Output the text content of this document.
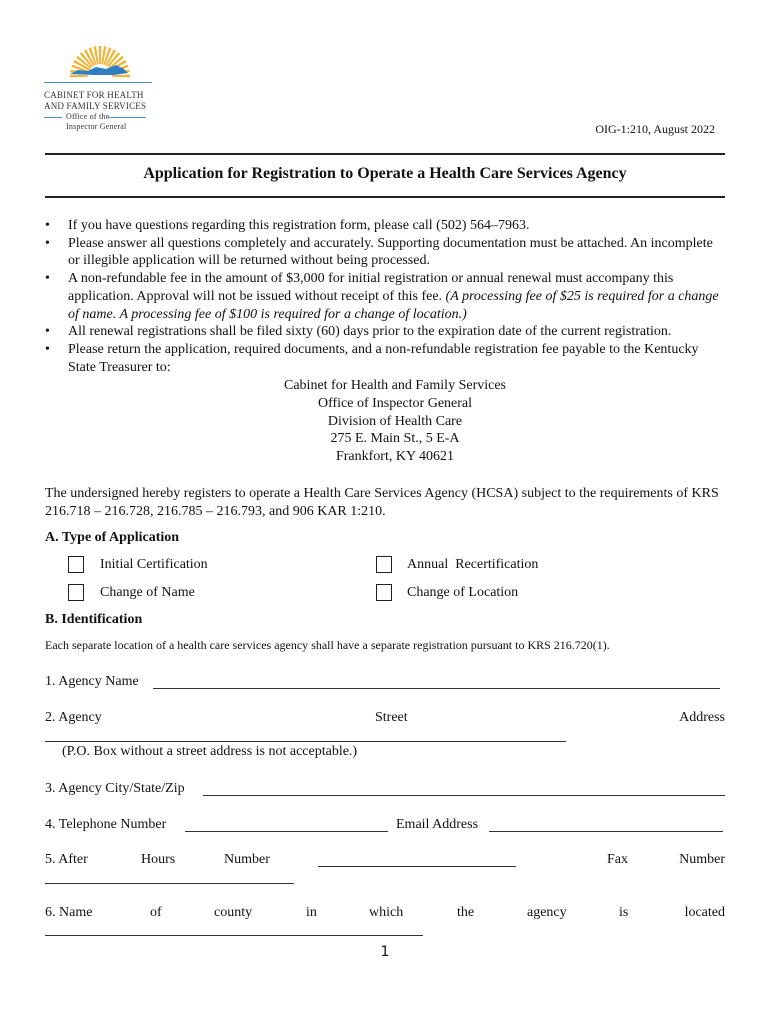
CABINET FOR HEALTH
AND FAMILY SERVICES
Office of the
Inspector General	OIG-1:210, August 2022
Application for Registration to Operate a Health Care Services Agency
• If you have questions regarding this registration form, please call (502) 564–7963.
• Please answer all questions completely and accurately. Supporting documentation must be attached. An incomplete or illegible application will be returned without being processed.
• A non-refundable fee in the amount of $3,000 for initial registration or annual renewal must accompany this application. Approval will not be issued without receipt of this fee. (A processing fee of $25 is required for a change of name. A processing fee of $100 is required for a change of location.)
• All renewal registrations shall be filed sixty (60) days prior to the expiration date of the current registration.
• Please return the application, required documents, and a non-refundable registration fee payable to the Kentucky State Treasurer to:
Cabinet for Health and Family Services
Office of Inspector General
Division of Health Care
275 E. Main St., 5 E-A
Frankfort, KY 40621
The undersigned hereby registers to operate a Health Care Services Agency (HCSA) subject to the requirements of KRS 216.718 – 216.728, 216.785 – 216.793, and 906 KAR 1:210.
A. Type of Application
Initial Certification	Annual  Recertification
Change of Name	Change of Location
B. Identification
Each separate location of a health care services agency shall have a separate registration pursuant to KRS 216.720(1).
1. Agency Name
2. Agency	Street	Address
(P.O. Box without a street address is not acceptable.)
3. Agency City/State/Zip
4. Telephone Number	Email Address
5. After	Hours	Number	Fax	Number
6. Name	of	county	in	which	the	agency	is	located
1
